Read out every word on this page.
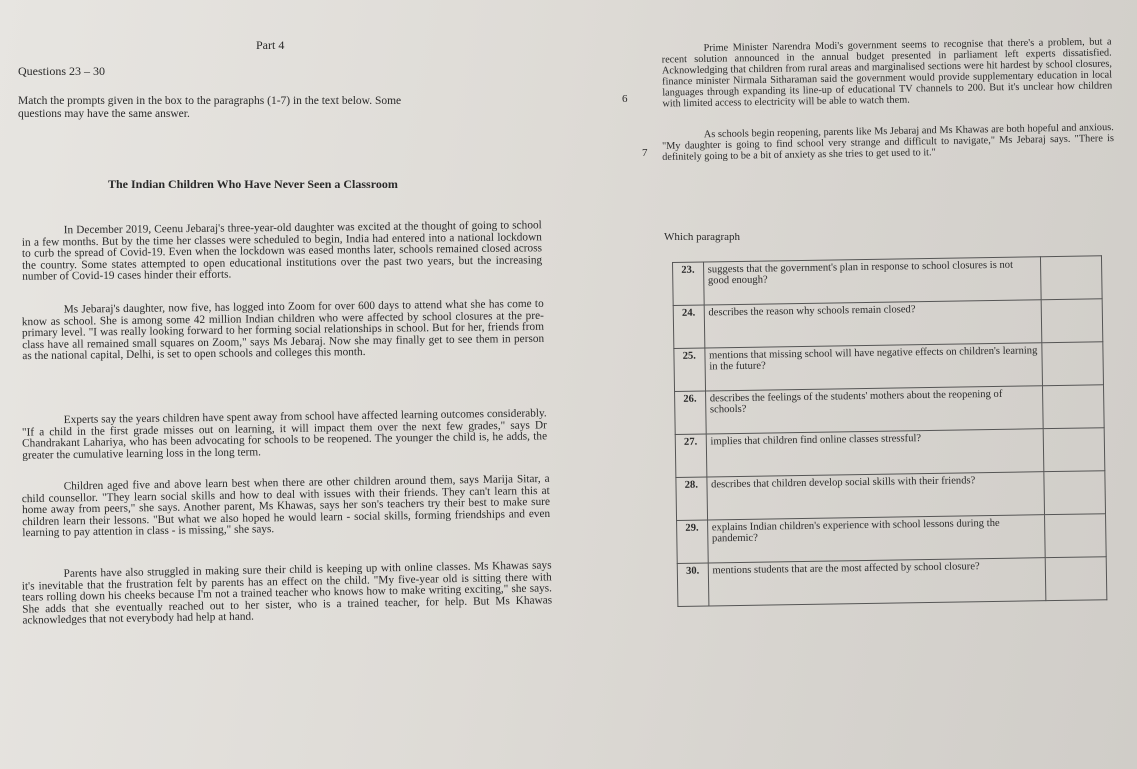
Part 4
Questions 23 – 30
Match the prompts given in the box to the paragraphs (1-7) in the text below. Some questions may have the same answer.
The Indian Children Who Have Never Seen a Classroom
In December 2019, Ceenu Jebaraj's three-year-old daughter was excited at the thought of going to school in a few months. But by the time her classes were scheduled to begin, India had entered into a national lockdown to curb the spread of Covid-19. Even when the lockdown was eased months later, schools remained closed across the country. Some states attempted to open educational institutions over the past two years, but the increasing number of Covid-19 cases hinder their efforts.
Ms Jebaraj's daughter, now five, has logged into Zoom for over 600 days to attend what she has come to know as school. She is among some 42 million Indian children who were affected by school closures at the pre-primary level. "I was really looking forward to her forming social relationships in school. But for her, friends from class have all remained small squares on Zoom," says Ms Jebaraj. Now she may finally get to see them in person as the national capital, Delhi, is set to open schools and colleges this month.
Experts say the years children have spent away from school have affected learning outcomes considerably. "If a child in the first grade misses out on learning, it will impact them over the next few grades," says Dr Chandrakant Lahariya, who has been advocating for schools to be reopened. The younger the child is, he adds, the greater the cumulative learning loss in the long term.
Children aged five and above learn best when there are other children around them, says Marija Sitar, a child counsellor. "They learn social skills and how to deal with issues with their friends. They can't learn this at home away from peers," she says. Another parent, Ms Khawas, says her son's teachers try their best to make sure children learn their lessons. "But what we also hoped he would learn - social skills, forming friendships and even learning to pay attention in class - is missing," she says.
Parents have also struggled in making sure their child is keeping up with online classes. Ms Khawas says it's inevitable that the frustration felt by parents has an effect on the child. "My five-year old is sitting there with tears rolling down his cheeks because I'm not a trained teacher who knows how to make writing exciting," she says. She adds that she eventually reached out to her sister, who is a trained teacher, for help. But Ms Khawas acknowledges that not everybody had help at hand.
6
Prime Minister Narendra Modi's government seems to recognise that there's a problem, but a recent solution announced in the annual budget presented in parliament left experts dissatisfied. Acknowledging that children from rural areas and marginalised sections were hit hardest by school closures, finance minister Nirmala Sitharaman said the government would provide supplementary education in local languages through expanding its line-up of educational TV channels to 200. But it's unclear how children with limited access to electricity will be able to watch them.
7
As schools begin reopening, parents like Ms Jebaraj and Ms Khawas are both hopeful and anxious. "My daughter is going to find school very strange and difficult to navigate," Ms Jebaraj says. "There is definitely going to be a bit of anxiety as she tries to get used to it."
Which paragraph
23.	suggests that the government's plan in response to school closures is not good enough?	
24.	describes the reason why schools remain closed?	
25.	mentions that missing school will have negative effects on children's learning in the future?	
26.	describes the feelings of the students' mothers about the reopening of schools?	
27.	implies that children find online classes stressful?	
28.	describes that children develop social skills with their friends?	
29.	explains Indian children's experience with school lessons during the pandemic?	
30.	mentions students that are the most affected by school closure?	
